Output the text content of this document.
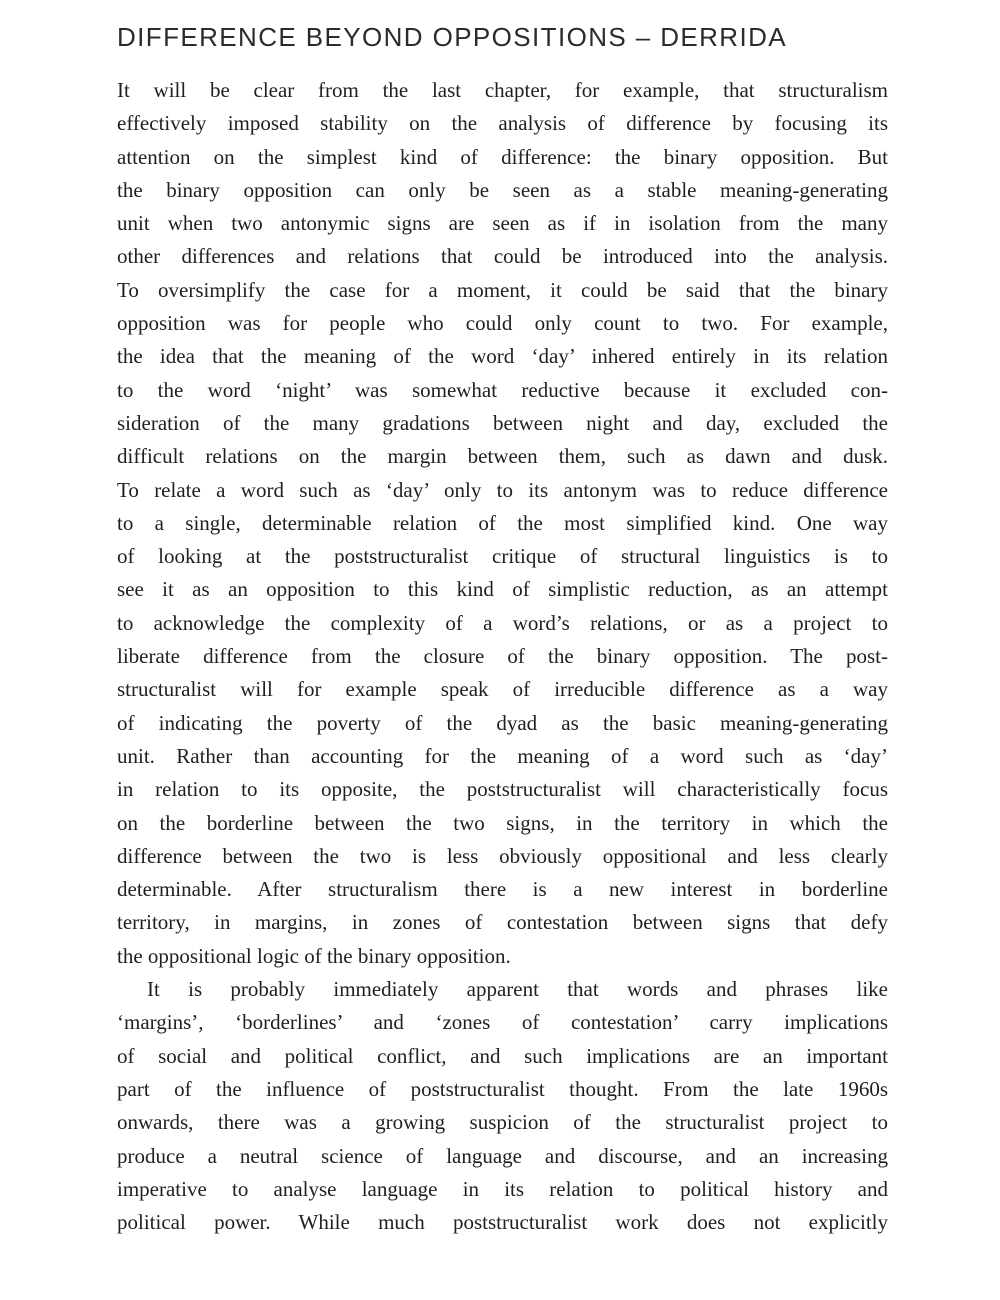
DIFFERENCE BEYOND OPPOSITIONS – DERRIDA
It will be clear from the last chapter, for example, that structuralism
effectively imposed stability on the analysis of difference by focusing its
attention on the simplest kind of difference: the binary opposition. But
the binary opposition can only be seen as a stable meaning-generating
unit when two antonymic signs are seen as if in isolation from the many
other differences and relations that could be introduced into the analysis.
To oversimplify the case for a moment, it could be said that the binary
opposition was for people who could only count to two. For example,
the idea that the meaning of the word ‘day’ inhered entirely in its relation
to the word ‘night’ was somewhat reductive because it excluded con-
sideration of the many gradations between night and day, excluded the
difficult relations on the margin between them, such as dawn and dusk.
To relate a word such as ‘day’ only to its antonym was to reduce difference
to a single, determinable relation of the most simplified kind. One way
of looking at the poststructuralist critique of structural linguistics is to
see it as an opposition to this kind of simplistic reduction, as an attempt
to acknowledge the complexity of a word’s relations, or as a project to
liberate difference from the closure of the binary opposition. The post-
structuralist will for example speak of irreducible difference as a way
of indicating the poverty of the dyad as the basic meaning-generating
unit. Rather than accounting for the meaning of a word such as ‘day’
in relation to its opposite, the poststructuralist will characteristically focus
on the borderline between the two signs, in the territory in which the
difference between the two is less obviously oppositional and less clearly
determinable. After structuralism there is a new interest in borderline
territory, in margins, in zones of contestation between signs that defy
the oppositional logic of the binary opposition.
It is probably immediately apparent that words and phrases like
‘margins’, ‘borderlines’ and ‘zones of contestation’ carry implications
of social and political conflict, and such implications are an important
part of the influence of poststructuralist thought. From the late 1960s
onwards, there was a growing suspicion of the structuralist project to
produce a neutral science of language and discourse, and an increasing
imperative to analyse language in its relation to political history and
political power. While much poststructuralist work does not explicitly
